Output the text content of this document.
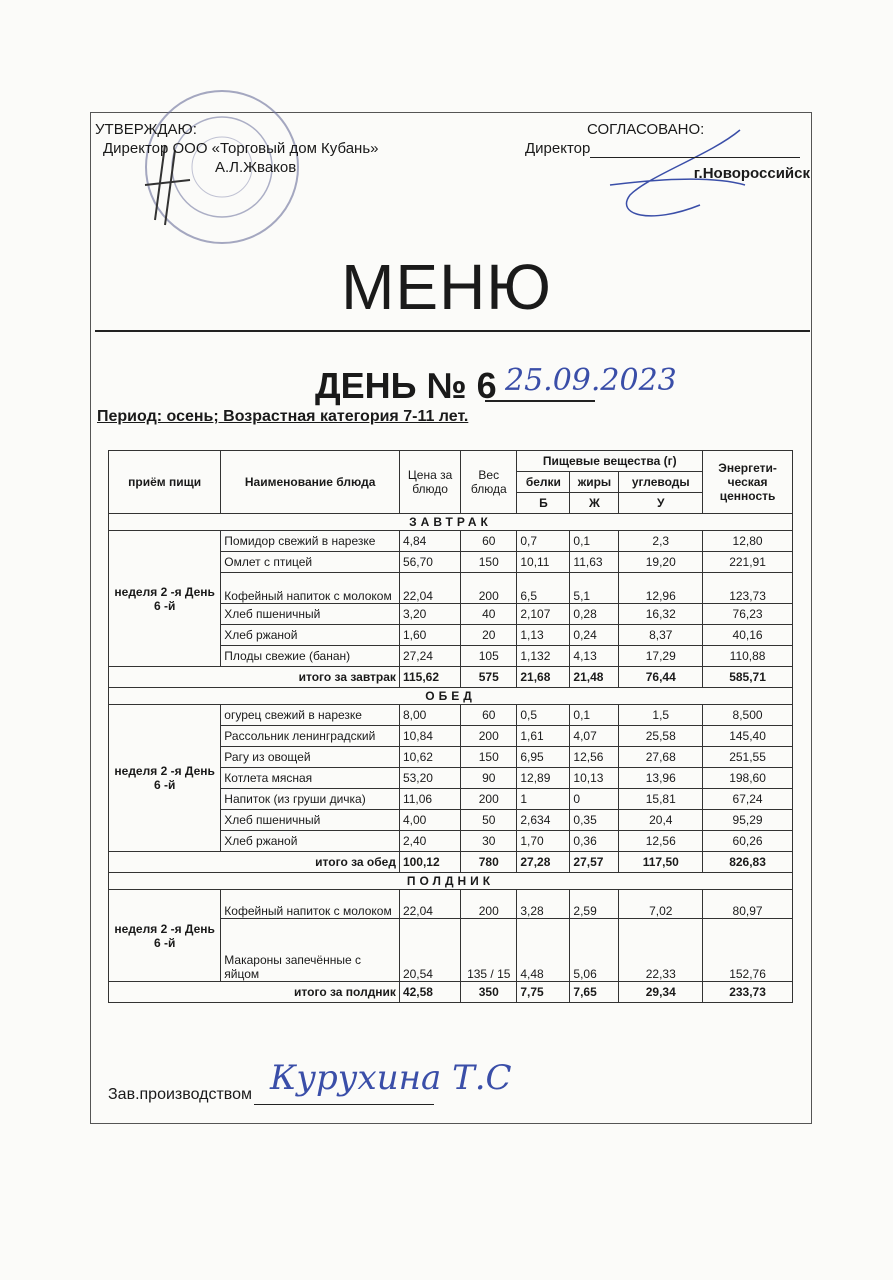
УТВЕРЖДАЮ:
Директор ООО «Торговый дом Кубань»
А.Л.Жваков
СОГЛАСОВАНО:
Директор
г.Новороссийск
МЕНЮ
ДЕНЬ № 6 25.09.2023
Период: осень; Возрастная категория 7-11 лет.
приём пищи	Наименование блюда	Цена за блюдо	Вес блюда	Пищевые вещества (г)			Энергети-ческая ценность
				белки	жиры	углеводы	
				Б	Ж	У	
ЗАВТРАК							
неделя 2 -я День 6 -й	Помидор свежий в нарезке	4,84	60	0,7	0,1	2,3	12,80
	Омлет с птицей	56,70	150	10,11	11,63	19,20	221,91
	Кофейный напиток с молоком	22,04	200	6,5	5,1	12,96	123,73
	Хлеб пшеничный	3,20	40	2,107	0,28	16,32	76,23
	Хлеб ржаной	1,60	20	1,13	0,24	8,37	40,16
	Плоды свежие (банан)	27,24	105	1,132	4,13	17,29	110,88
итого за завтрак		115,62	575	21,68	21,48	76,44	585,71
ОБЕД							
неделя 2 -я День 6 -й	огурец свежий в нарезке	8,00	60	0,5	0,1	1,5	8,500
	Рассольник ленинградский	10,84	200	1,61	4,07	25,58	145,40
	Рагу из овощей	10,62	150	6,95	12,56	27,68	251,55
	Котлета мясная	53,20	90	12,89	10,13	13,96	198,60
	Напиток (из груши дичка)	11,06	200	1	0	15,81	67,24
	Хлеб пшеничный	4,00	50	2,634	0,35	20,4	95,29
	Хлеб ржаной	2,40	30	1,70	0,36	12,56	60,26
итого за обед		100,12	780	27,28	27,57	117,50	826,83
ПОЛДНИК							
неделя 2 -я День 6 -й	Кофейный напиток с молоком	22,04	200	3,28	2,59	7,02	80,97
	Макароны запечённые с яйцом	20,54	135 / 15	4,48	5,06	22,33	152,76
итого за полдник		42,58	350	7,75	7,65	29,34	233,73
Зав.производством Курухина Т.С
